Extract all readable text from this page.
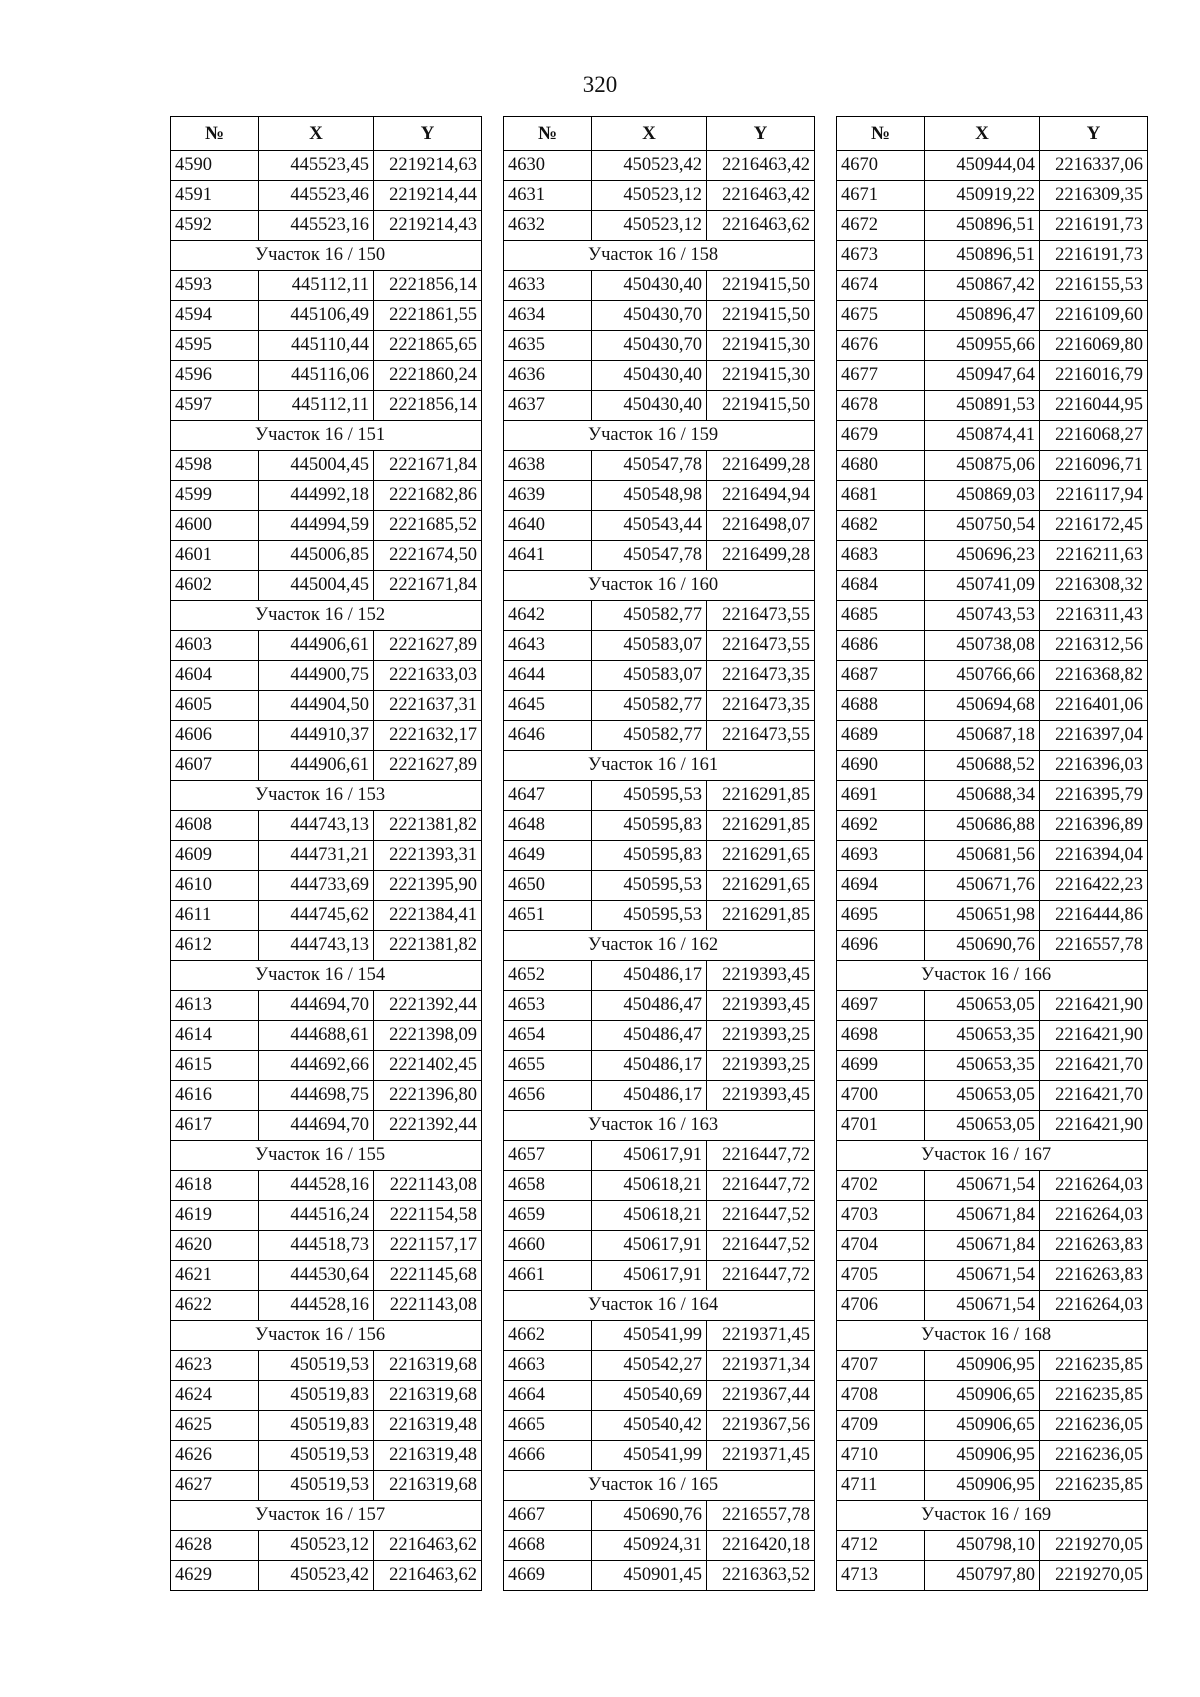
320
№	X	Y
4590	445523,45	2219214,63
4591	445523,46	2219214,44
4592	445523,16	2219214,43
Участок 16 / 150		
4593	445112,11	2221856,14
4594	445106,49	2221861,55
4595	445110,44	2221865,65
4596	445116,06	2221860,24
4597	445112,11	2221856,14
Участок 16 / 151		
4598	445004,45	2221671,84
4599	444992,18	2221682,86
4600	444994,59	2221685,52
4601	445006,85	2221674,50
4602	445004,45	2221671,84
Участок 16 / 152		
4603	444906,61	2221627,89
4604	444900,75	2221633,03
4605	444904,50	2221637,31
4606	444910,37	2221632,17
4607	444906,61	2221627,89
Участок 16 / 153		
4608	444743,13	2221381,82
4609	444731,21	2221393,31
4610	444733,69	2221395,90
4611	444745,62	2221384,41
4612	444743,13	2221381,82
Участок 16 / 154		
4613	444694,70	2221392,44
4614	444688,61	2221398,09
4615	444692,66	2221402,45
4616	444698,75	2221396,80
4617	444694,70	2221392,44
Участок 16 / 155		
4618	444528,16	2221143,08
4619	444516,24	2221154,58
4620	444518,73	2221157,17
4621	444530,64	2221145,68
4622	444528,16	2221143,08
Участок 16 / 156		
4623	450519,53	2216319,68
4624	450519,83	2216319,68
4625	450519,83	2216319,48
4626	450519,53	2216319,48
4627	450519,53	2216319,68
Участок 16 / 157		
4628	450523,12	2216463,62
4629	450523,42	2216463,62
№	X	Y
4630	450523,42	2216463,42
4631	450523,12	2216463,42
4632	450523,12	2216463,62
Участок 16 / 158		
4633	450430,40	2219415,50
4634	450430,70	2219415,50
4635	450430,70	2219415,30
4636	450430,40	2219415,30
4637	450430,40	2219415,50
Участок 16 / 159		
4638	450547,78	2216499,28
4639	450548,98	2216494,94
4640	450543,44	2216498,07
4641	450547,78	2216499,28
Участок 16 / 160		
4642	450582,77	2216473,55
4643	450583,07	2216473,55
4644	450583,07	2216473,35
4645	450582,77	2216473,35
4646	450582,77	2216473,55
Участок 16 / 161		
4647	450595,53	2216291,85
4648	450595,83	2216291,85
4649	450595,83	2216291,65
4650	450595,53	2216291,65
4651	450595,53	2216291,85
Участок 16 / 162		
4652	450486,17	2219393,45
4653	450486,47	2219393,45
4654	450486,47	2219393,25
4655	450486,17	2219393,25
4656	450486,17	2219393,45
Участок 16 / 163		
4657	450617,91	2216447,72
4658	450618,21	2216447,72
4659	450618,21	2216447,52
4660	450617,91	2216447,52
4661	450617,91	2216447,72
Участок 16 / 164		
4662	450541,99	2219371,45
4663	450542,27	2219371,34
4664	450540,69	2219367,44
4665	450540,42	2219367,56
4666	450541,99	2219371,45
Участок 16 / 165		
4667	450690,76	2216557,78
4668	450924,31	2216420,18
4669	450901,45	2216363,52
№	X	Y
4670	450944,04	2216337,06
4671	450919,22	2216309,35
4672	450896,51	2216191,73
4673	450896,51	2216191,73
4674	450867,42	2216155,53
4675	450896,47	2216109,60
4676	450955,66	2216069,80
4677	450947,64	2216016,79
4678	450891,53	2216044,95
4679	450874,41	2216068,27
4680	450875,06	2216096,71
4681	450869,03	2216117,94
4682	450750,54	2216172,45
4683	450696,23	2216211,63
4684	450741,09	2216308,32
4685	450743,53	2216311,43
4686	450738,08	2216312,56
4687	450766,66	2216368,82
4688	450694,68	2216401,06
4689	450687,18	2216397,04
4690	450688,52	2216396,03
4691	450688,34	2216395,79
4692	450686,88	2216396,89
4693	450681,56	2216394,04
4694	450671,76	2216422,23
4695	450651,98	2216444,86
4696	450690,76	2216557,78
Участок 16 / 166		
4697	450653,05	2216421,90
4698	450653,35	2216421,90
4699	450653,35	2216421,70
4700	450653,05	2216421,70
4701	450653,05	2216421,90
Участок 16 / 167		
4702	450671,54	2216264,03
4703	450671,84	2216264,03
4704	450671,84	2216263,83
4705	450671,54	2216263,83
4706	450671,54	2216264,03
Участок 16 / 168		
4707	450906,95	2216235,85
4708	450906,65	2216235,85
4709	450906,65	2216236,05
4710	450906,95	2216236,05
4711	450906,95	2216235,85
Участок 16 / 169		
4712	450798,10	2219270,05
4713	450797,80	2219270,05
